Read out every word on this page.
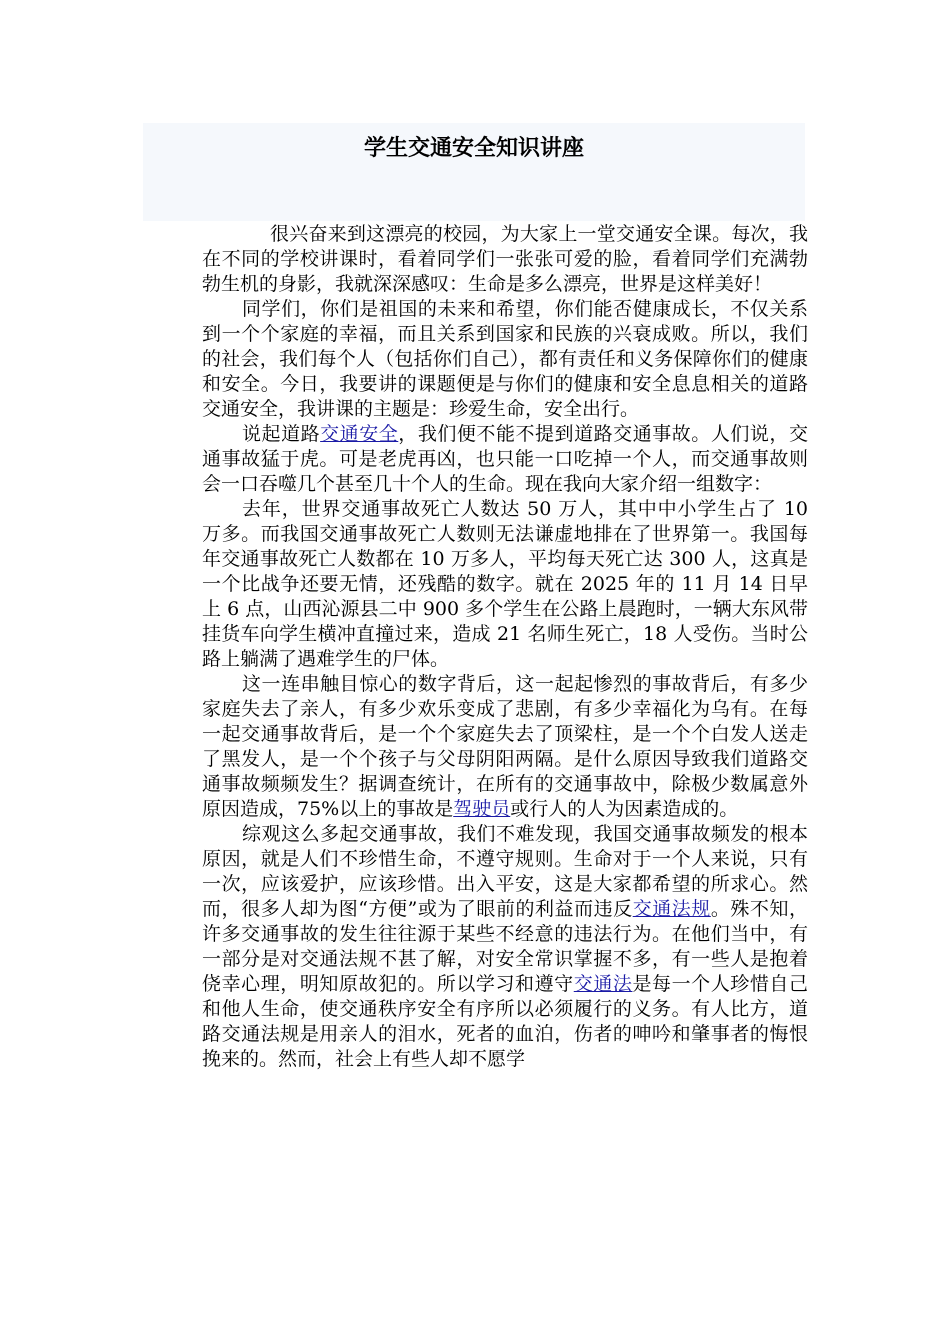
学生交通安全知识讲座

很兴奋来到这漂亮的校园，为大家上一堂交通安全课。每次，我在不同的学校讲课时，看着同学们一张张可爱的脸，看着同学们充满勃勃生机的身影，我就深深感叹：生命是多么漂亮，世界是这样美好！

同学们，你们是祖国的未来和希望，你们能否健康成长，不仅关系到一个个家庭的幸福，而且关系到国家和民族的兴衰成败。所以，我们的社会，我们每个人（包括你们自己），都有责任和义务保障你们的健康和安全。今日，我要讲的课题便是与你们的健康和安全息息相关的道路交通安全，我讲课的主题是：珍爱生命，安全出行。

说起道路交通安全，我们便不能不提到道路交通事故。人们说，交通事故猛于虎。可是老虎再凶，也只能一口吃掉一个人，而交通事故则会一口吞噬几个甚至几十个人的生命。现在我向大家介绍一组数字：

去年，世界交通事故死亡人数达 50 万人，其中中小学生占了 10 万多。而我国交通事故死亡人数则无法谦虚地排在了世界第一。我国每年交通事故死亡人数都在 10 万多人，平均每天死亡达 300 人，这真是一个比战争还要无情，还残酷的数字。就在 2025 年的 11 月 14 日早上 6 点，山西沁源县二中 900 多个学生在公路上晨跑时，一辆大东风带挂货车向学生横冲直撞过来，造成 21 名师生死亡，18 人受伤。当时公路上躺满了遇难学生的尸体。

这一连串触目惊心的数字背后，这一起起惨烈的事故背后，有多少家庭失去了亲人，有多少欢乐变成了悲剧，有多少幸福化为乌有。在每一起交通事故背后，是一个个家庭失去了顶梁柱，是一个个白发人送走了黑发人，是一个个孩子与父母阴阳两隔。是什么原因导致我们道路交通事故频频发生？据调查统计，在所有的交通事故中，除极少数属意外原因造成，75%以上的事故是驾驶员或行人的人为因素造成的。

综观这么多起交通事故，我们不难发现，我国交通事故频发的根本原因，就是人们不珍惜生命，不遵守规则。生命对于一个人来说，只有一次，应该爱护，应该珍惜。出入平安，这是大家都希望的所求心。然而，很多人却为图“方便”或为了眼前的利益而违反交通法规。殊不知，许多交通事故的发生往往源于某些不经意的违法行为。在他们当中，有一部分是对交通法规不甚了解，对安全常识掌握不多，有一些人是抱着侥幸心理，明知原故犯的。所以学习和遵守交通法是每一个人珍惜自己和他人生命，使交通秩序安全有序所以必须履行的义务。有人比方，道路交通法规是用亲人的泪水，死者的血泊，伤者的呻吟和肇事者的悔恨挽来的。然而，社会上有些人却不愿学
